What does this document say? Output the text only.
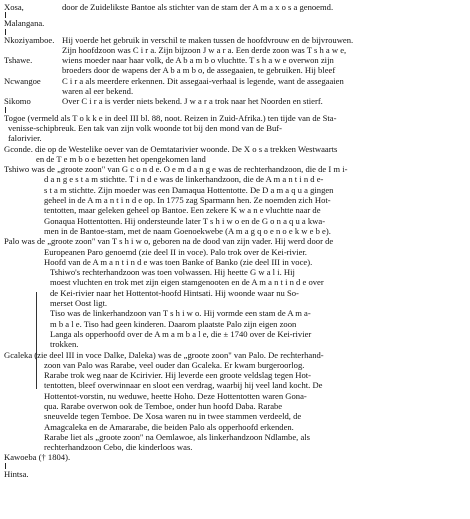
Xosa,	door de Zuidelikste Bantoe als stichter van de stam der A m a x o s a genoemd.
Malangana.
Nkoziyamboe. Hij voerde het gebruik in verschil te maken tussen de hoofdvrouw en de bijvrouwen.
Zijn hoofdzoon was C i r a. Zijn bijzoon J w a r a. Een derde zoon was T s h a w e,
Tshawe.	wiens moeder naar haar volk, de A b a m b o vluchtte. T s h a w e overwon zijn
broeders door de wapens der A b a m b o, de assegaaien, te gebruiken. Hij bleef
Ncwangoe C i r a als meerdere erkennen. Dit assegaai-verhaal is legende, want de assegaaien
waren al eer bekend.
Sikomo	Over C i r a is verder niets bekend. J w a r a trok naar het Noorden en stierf.
Togoe (vermeld als T o k k e in deel III bl. 88, noot. Reizen in Zuid-Afrika.) ten tijde van de Sta-
venisse-schipbreuk. Een tak van zijn volk woonde tot bij den mond van de Buf-
falorivier.
Gconde. die op de Westelike oever van de Oemtatarivier woonde. De X o s a trekken Westwaarts
en de T e m b o e bezetten het opengekomen land
Tshiwo was de „groote zoon" van G c o n d e. O e m d a n g e was de rechterhandzoon, die de I m i-
d a n g e s t a m stichtte. T i n d e was de linkerhandzoon, die de A m a n t i n d e-
s t a m stichtte. Zijn moeder was een Damaqua Hottentotte. De D a m a q u a gingen
geheel in de A m a n t i n d e op. In 1775 zag Sparmann hen. Ze noemden zich Hot-
tentotten, maar geleken geheel op Bantoe. Een zekere K w a n e vluchtte naar de
Gonaqua Hottentotten. Hij ondersteunde later T s h i w o en de G o n a q u a kwa-
men in de Bantoe-stam, met de naam Goenoekwebe (A m a g q o e n o e k w e b e).
Palo was de „groote zoon" van T s h i w o, geboren na de dood van zijn vader. Hij werd door de
Europeanen Paro genoemd (zie deel II in voce). Palo trok over de Kei-rivier.
Hoofd van de A m a n t i n d e was toen Banke of Banko (zie deel III in voce).
Tshiwo's rechterhandzoon was toen volwassen. Hij heette G w a l i. Hij
moest vluchten en trok met zijn eigen stamgenooten en de A m a n t i n d e over
de Kei-rivier naar het Hottentot-hoofd Hintsati. Hij woonde waar nu So-
merset Oost ligt.
Tiso was de linkerhandzoon van T s h i w o. Hij vormde een stam de A m a-
m b a l e. Tiso had geen kinderen. Daarom plaatste Palo zijn eigen zoon
Langa als opperhoofd over de A m a m b a l e, die ± 1740 over de Kei-rivier
trokken.
Gcaleka (zie deel III in voce Dalke, Daleka) was de „groote zoon" van Palo. De rechterhand-
zoon van Palo was Rarabe, veel ouder dan Gcaleka. Er kwam burgeroorlog.
Rarabe trok weg naar de Kcirivier. Hij leverde een groote veldslag tegen Hot-
tentotten, bleef overwinnaar en sloot een verdrag, waarbij hij veel land kocht. De
Hottentot-vorstin, nu weduwe, heette Hoho. Deze Hottentotten waren Gona-
qua. Rarabe overwon ook de Temboe, onder hun hoofd Daba. Rarabe
sneuvelde tegen Temboe. De Xosa waren nu in twee stammen verdeeld, de
Amagcaleka en de Amararabe, die beiden Palo als opperhoofd erkenden.
Rarabe liet als „groote zoon" na Oemlawoe, als linkerhandzoon Ndlambe, als
rechterhandzoon Cebo, die kinderloos was.
Kawoeba († 1804).
Hintsa.
